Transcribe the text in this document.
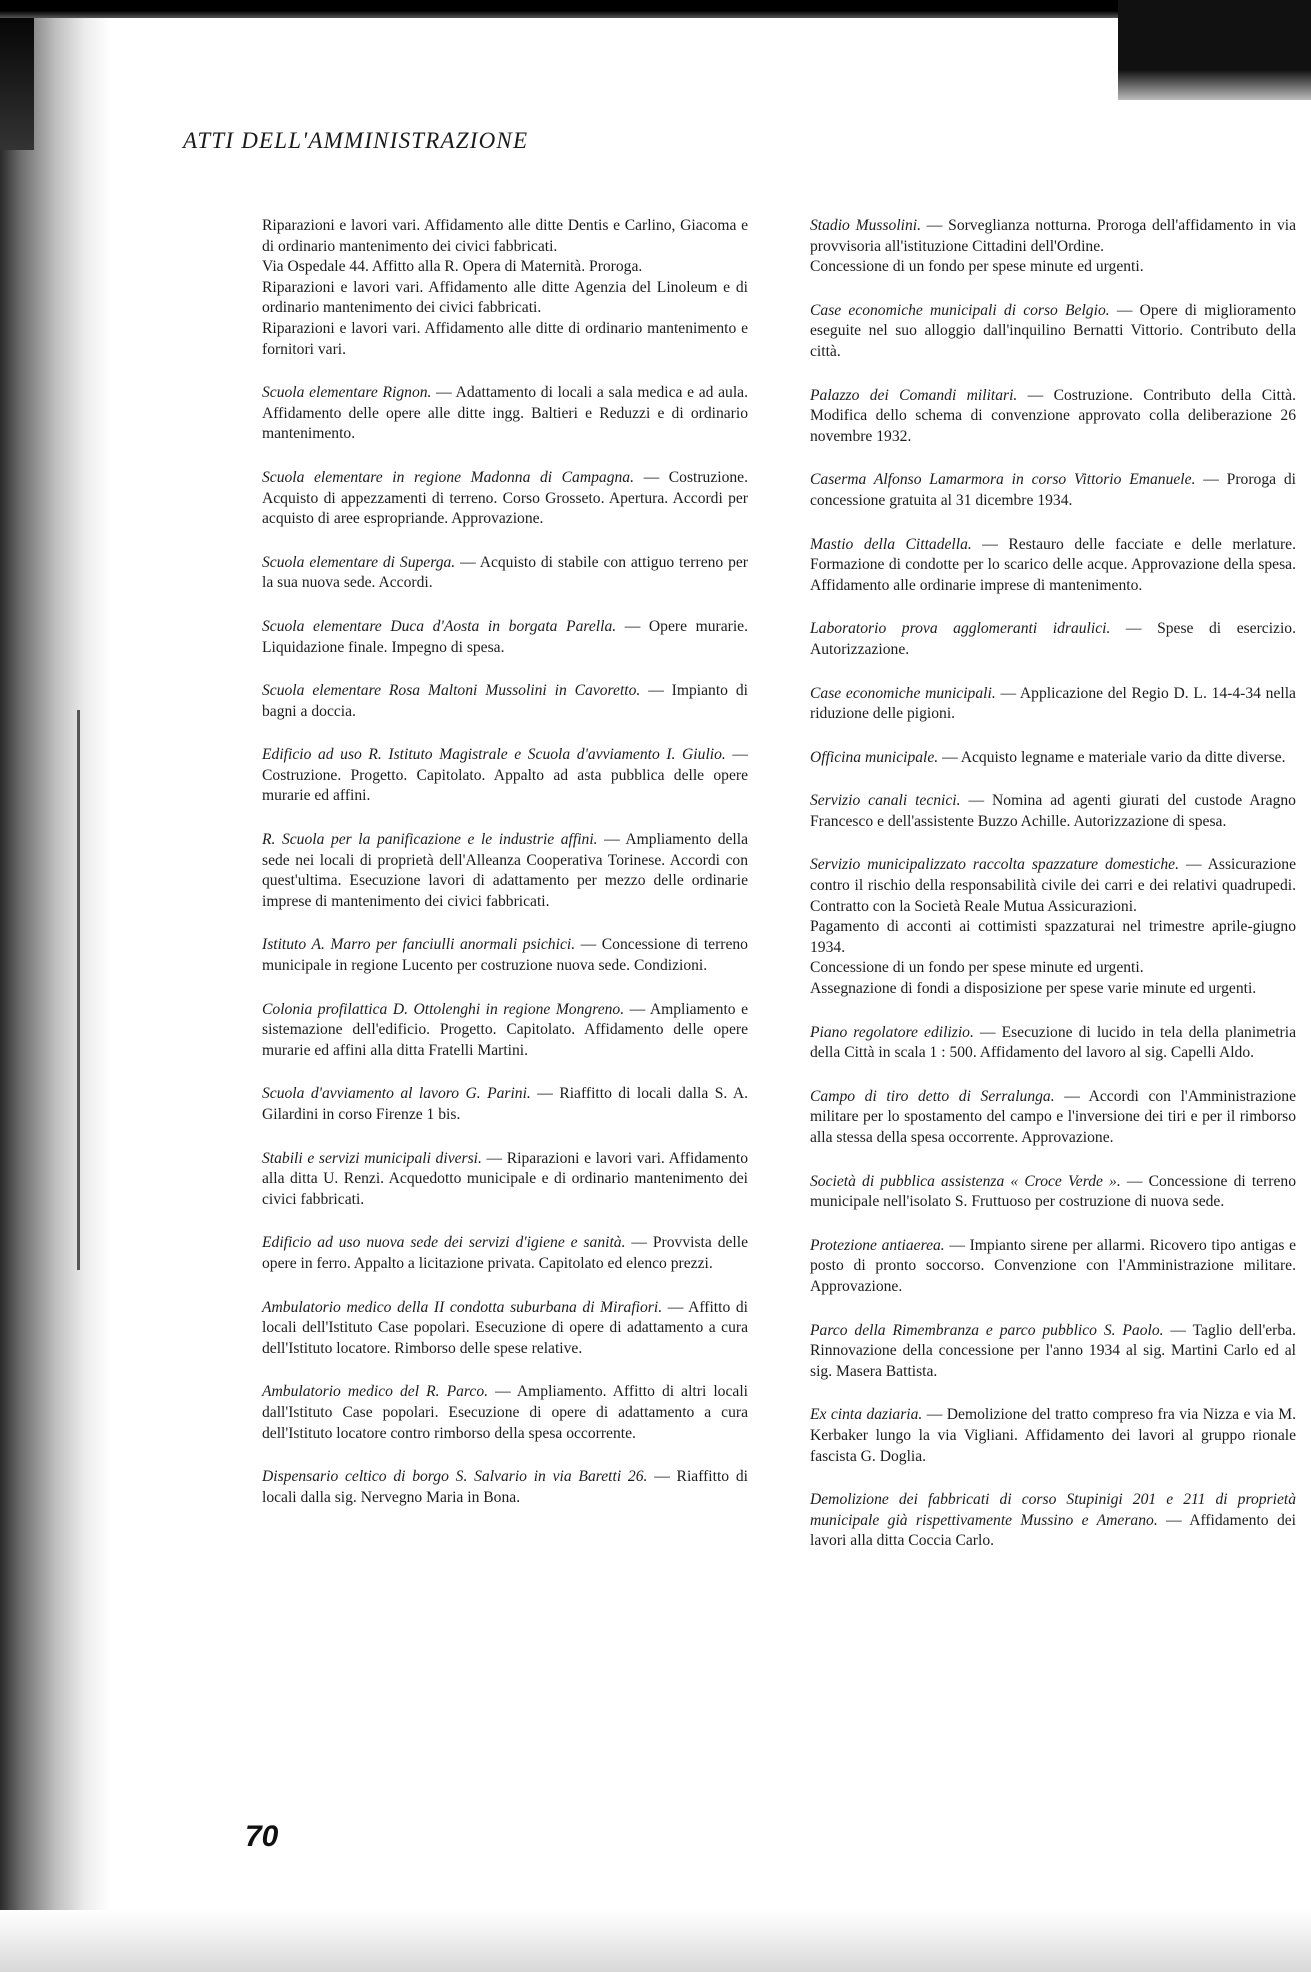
ATTI DELL'AMMINISTRAZIONE

Riparazioni e lavori vari. Affidamento alle ditte Dentis e Carlino, Giacoma e di ordinario mantenimento dei civici fabbricati.

Via Ospedale 44. Affitto alla R. Opera di Maternità. Proroga.

Riparazioni e lavori vari. Affidamento alle ditte Agenzia del Linoleum e di ordinario mantenimento dei civici fabbricati.

Riparazioni e lavori vari. Affidamento alle ditte di ordinario mantenimento e fornitori vari.

Scuola elementare Rignon. — Adattamento di locali a sala medica e ad aula. Affidamento delle opere alle ditte ingg. Baltieri e Reduzzi e di ordinario mantenimento.

Scuola elementare in regione Madonna di Campagna. — Costruzione. Acquisto di appezzamenti di terreno. Corso Grosseto. Apertura. Accordi per acquisto di aree espropriande. Approvazione.

Scuola elementare di Superga. — Acquisto di stabile con attiguo terreno per la sua nuova sede. Accordi.

Scuola elementare Duca d'Aosta in borgata Parella. — Opere murarie. Liquidazione finale. Impegno di spesa.

Scuola elementare Rosa Maltoni Mussolini in Cavoretto. — Impianto di bagni a doccia.

Edificio ad uso R. Istituto Magistrale e Scuola d'avviamento I. Giulio. — Costruzione. Progetto. Capitolato. Appalto ad asta pubblica delle opere murarie ed affini.

R. Scuola per la panificazione e le industrie affini. — Ampliamento della sede nei locali di proprietà dell'Alleanza Cooperativa Torinese. Accordi con quest'ultima. Esecuzione lavori di adattamento per mezzo delle ordinarie imprese di mantenimento dei civici fabbricati.

Istituto A. Marro per fanciulli anormali psichici. — Concessione di terreno municipale in regione Lucento per costruzione nuova sede. Condizioni.

Colonia profilattica D. Ottolenghi in regione Mongreno. — Ampliamento e sistemazione dell'edificio. Progetto. Capitolato. Affidamento delle opere murarie ed affini alla ditta Fratelli Martini.

Scuola d'avviamento al lavoro G. Parini. — Riaffitto di locali dalla S. A. Gilardini in corso Firenze 1 bis.

Stabili e servizi municipali diversi. — Riparazioni e lavori vari. Affidamento alla ditta U. Renzi. Acquedotto municipale e di ordinario mantenimento dei civici fabbricati.

Edificio ad uso nuova sede dei servizi d'igiene e sanità. — Provvista delle opere in ferro. Appalto a licitazione privata. Capitolato ed elenco prezzi.

Ambulatorio medico della II condotta suburbana di Mirafiori. — Affitto di locali dell'Istituto Case popolari. Esecuzione di opere di adattamento a cura dell'Istituto locatore. Rimborso delle spese relative.

Ambulatorio medico del R. Parco. — Ampliamento. Affitto di altri locali dall'Istituto Case popolari. Esecuzione di opere di adattamento a cura dell'Istituto locatore contro rimborso della spesa occorrente.

Dispensario celtico di borgo S. Salvario in via Baretti 26. — Riaffitto di locali dalla sig. Nervegno Maria in Bona.

Stadio Mussolini. — Sorveglianza notturna. Proroga dell'affidamento in via provvisoria all'istituzione Cittadini dell'Ordine.

Concessione di un fondo per spese minute ed urgenti.

Case economiche municipali di corso Belgio. — Opere di miglioramento eseguite nel suo alloggio dall'inquilino Bernatti Vittorio. Contributo della città.

Palazzo dei Comandi militari. — Costruzione. Contributo della Città. Modifica dello schema di convenzione approvato colla deliberazione 26 novembre 1932.

Caserma Alfonso Lamarmora in corso Vittorio Emanuele. — Proroga di concessione gratuita al 31 dicembre 1934.

Mastio della Cittadella. — Restauro delle facciate e delle merlature. Formazione di condotte per lo scarico delle acque. Approvazione della spesa. Affidamento alle ordinarie imprese di mantenimento.

Laboratorio prova agglomeranti idraulici. — Spese di esercizio. Autorizzazione.

Case economiche municipali. — Applicazione del Regio D. L. 14-4-34 nella riduzione delle pigioni.

Officina municipale. — Acquisto legname e materiale vario da ditte diverse.

Servizio canali tecnici. — Nomina ad agenti giurati del custode Aragno Francesco e dell'assistente Buzzo Achille. Autorizzazione di spesa.

Servizio municipalizzato raccolta spazzature domestiche. — Assicurazione contro il rischio della responsabilità civile dei carri e dei relativi quadrupedi. Contratto con la Società Reale Mutua Assicurazioni.

Pagamento di acconti ai cottimisti spazzaturai nel trimestre aprile-giugno 1934.

Concessione di un fondo per spese minute ed urgenti.

Assegnazione di fondi a disposizione per spese varie minute ed urgenti.

Piano regolatore edilizio. — Esecuzione di lucido in tela della planimetria della Città in scala 1 : 500. Affidamento del lavoro al sig. Capelli Aldo.

Campo di tiro detto di Serralunga. — Accordi con l'Amministrazione militare per lo spostamento del campo e l'inversione dei tiri e per il rimborso alla stessa della spesa occorrente. Approvazione.

Società di pubblica assistenza « Croce Verde ». — Concessione di terreno municipale nell'isolato S. Fruttuoso per costruzione di nuova sede.

Protezione antiaerea. — Impianto sirene per allarmi. Ricovero tipo antigas e posto di pronto soccorso. Convenzione con l'Amministrazione militare. Approvazione.

Parco della Rimembranza e parco pubblico S. Paolo. — Taglio dell'erba. Rinnovazione della concessione per l'anno 1934 al sig. Martini Carlo ed al sig. Masera Battista.

Ex cinta daziaria. — Demolizione del tratto compreso fra via Nizza e via M. Kerbaker lungo la via Vigliani. Affidamento dei lavori al gruppo rionale fascista G. Doglia.

Demolizione dei fabbricati di corso Stupinigi 201 e 211 di proprietà municipale già rispettivamente Mussino e Amerano. — Affidamento dei lavori alla ditta Coccia Carlo.

70
